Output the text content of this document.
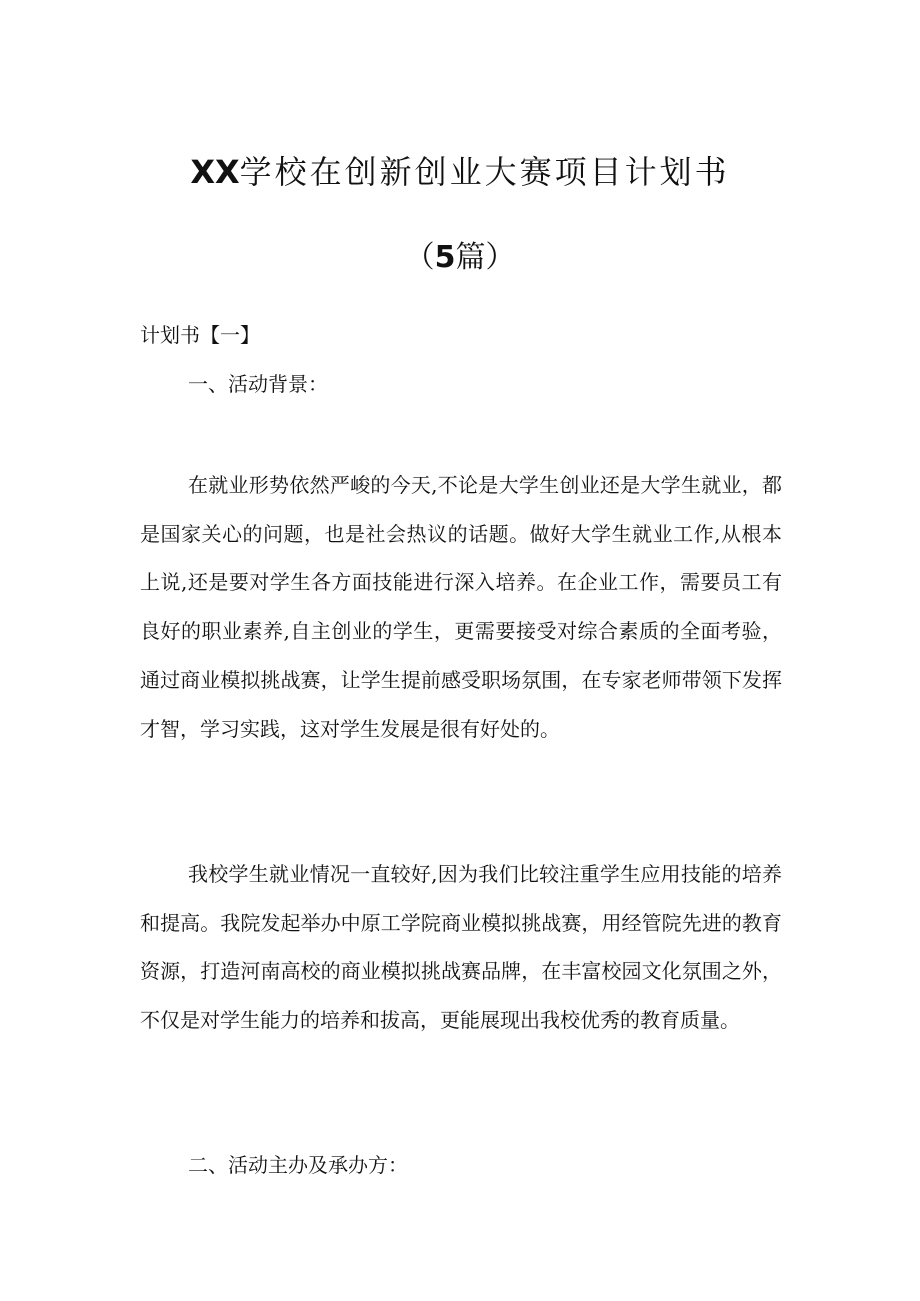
XX学校在创新创业大赛项目计划书
（5篇）
计划书【一】
一、活动背景：
在就业形势依然严峻的今天,不论是大学生创业还是大学生就业，都是国家关心的问题，也是社会热议的话题。做好大学生就业工作,从根本上说,还是要对学生各方面技能进行深入培养。在企业工作，需要员工有良好的职业素养,自主创业的学生，更需要接受对综合素质的全面考验，通过商业模拟挑战赛，让学生提前感受职场氛围，在专家老师带领下发挥才智，学习实践，这对学生发展是很有好处的。
我校学生就业情况一直较好,因为我们比较注重学生应用技能的培养和提高。我院发起举办中原工学院商业模拟挑战赛，用经管院先进的教育资源，打造河南高校的商业模拟挑战赛品牌，在丰富校园文化氛围之外，不仅是对学生能力的培养和拔高，更能展现出我校优秀的教育质量。
二、活动主办及承办方：
